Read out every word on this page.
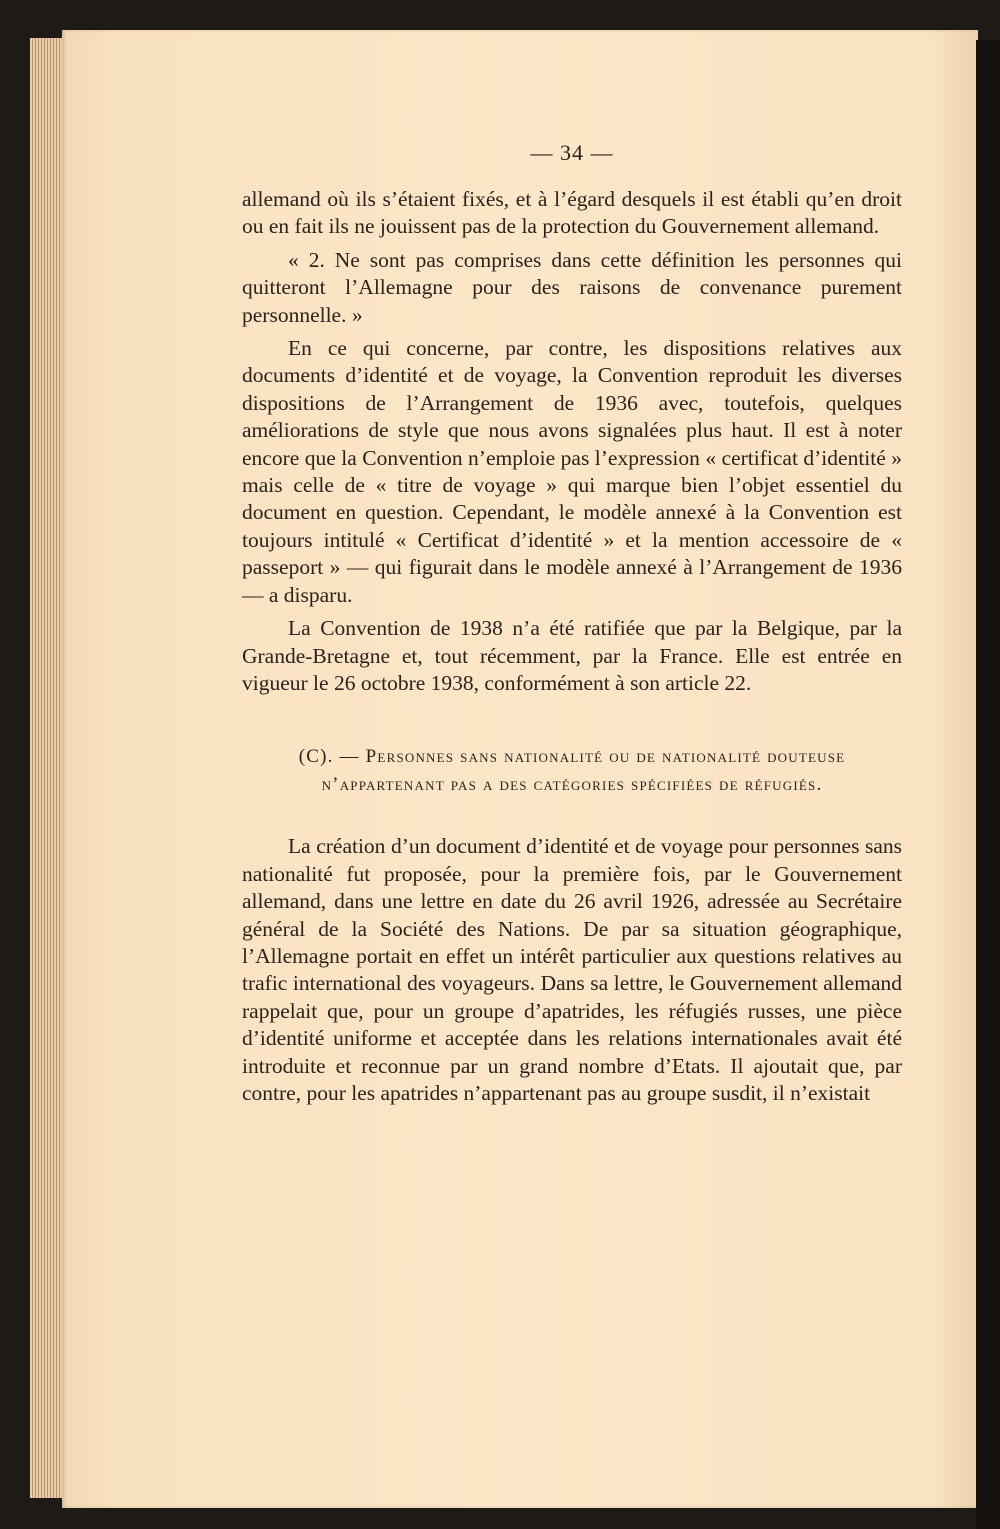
— 34 —

allemand où ils s’étaient fixés, et à l’égard desquels il est établi qu’en droit ou en fait ils ne jouissent pas de la protection du Gouvernement allemand.

« 2. Ne sont pas comprises dans cette définition les personnes qui quitteront l’Allemagne pour des raisons de convenance purement personnelle. »

En ce qui concerne, par contre, les dispositions relatives aux documents d’identité et de voyage, la Convention reproduit les diverses dispositions de l’Arrangement de 1936 avec, toutefois, quelques améliorations de style que nous avons signalées plus haut. Il est à noter encore que la Convention n’emploie pas l’expression « certificat d’identité » mais celle de « titre de voyage » qui marque bien l’objet essentiel du document en question. Cependant, le modèle annexé à la Convention est toujours intitulé « Certificat d’identité » et la mention accessoire de « passeport » — qui figurait dans le modèle annexé à l’Arrangement de 1936 — a disparu.

La Convention de 1938 n’a été ratifiée que par la Belgique, par la Grande-Bretagne et, tout récemment, par la France. Elle est entrée en vigueur le 26 octobre 1938, conformément à son article 22.

(C). — Personnes sans nationalité ou de nationalité douteuse n’appartenant pas a des catégories spécifiées de réfugiés.

La création d’un document d’identité et de voyage pour personnes sans nationalité fut proposée, pour la première fois, par le Gouvernement allemand, dans une lettre en date du 26 avril 1926, adressée au Secrétaire général de la Société des Nations. De par sa situation géographique, l’Allemagne portait en effet un intérêt particulier aux questions relatives au trafic international des voyageurs. Dans sa lettre, le Gouvernement allemand rappelait que, pour un groupe d’apatrides, les réfugiés russes, une pièce d’identité uniforme et acceptée dans les relations internationales avait été introduite et reconnue par un grand nombre d’Etats. Il ajoutait que, par contre, pour les apatrides n’appartenant pas au groupe susdit, il n’existait
